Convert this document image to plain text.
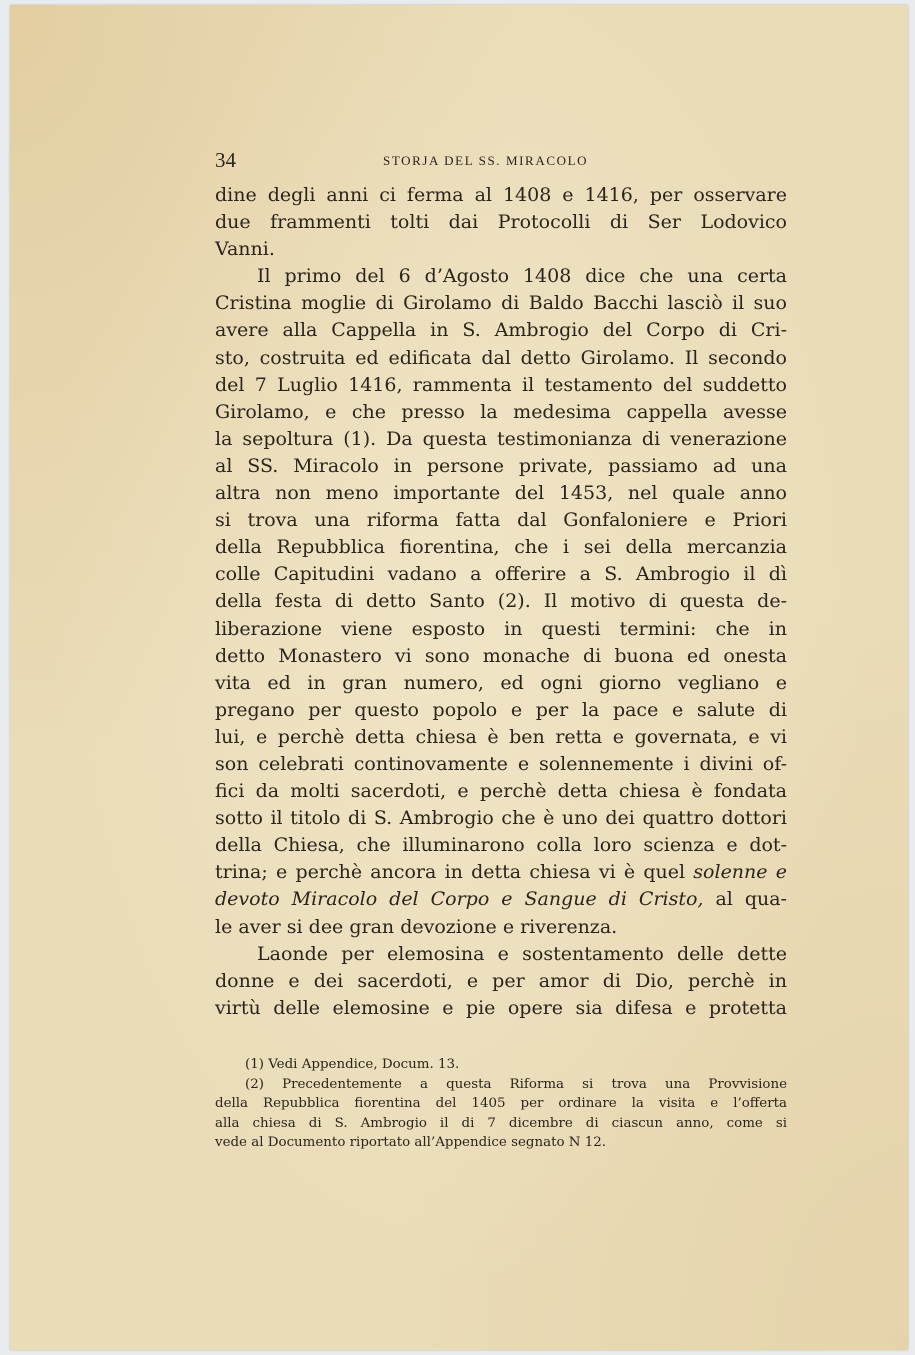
34	STORJA DEL SS. MIRACOLO
dine degli anni ci ferma al 1408 e 1416, per osservare
due frammenti tolti dai Protocolli di Ser Lodovico
Vanni.
Il primo del 6 d’Agosto 1408 dice che una certa
Cristina moglie di Girolamo di Baldo Bacchi lasciò il suo
avere alla Cappella in S. Ambrogio del Corpo di Cri-
sto, costruita ed edificata dal detto Girolamo. Il secondo
del 7 Luglio 1416, rammenta il testamento del suddetto
Girolamo, e che presso la medesima cappella avesse
la sepoltura (1). Da questa testimonianza di venerazione
al SS. Miracolo in persone private, passiamo ad una
altra non meno importante del 1453, nel quale anno
si trova una riforma fatta dal Gonfaloniere e Priori
della Repubblica fiorentina, che i sei della mercanzia
colle Capitudini vadano a offerire a S. Ambrogio il dì
della festa di detto Santo (2). Il motivo di questa de-
liberazione viene esposto in questi termini: che in
detto Monastero vi sono monache di buona ed onesta
vita ed in gran numero, ed ogni giorno vegliano e
pregano per questo popolo e per la pace e salute di
lui, e perchè detta chiesa è ben retta e governata, e vi
son celebrati continovamente e solennemente i divini of-
fici da molti sacerdoti, e perchè detta chiesa è fondata
sotto il titolo di S. Ambrogio che è uno dei quattro dottori
della Chiesa, che illuminarono colla loro scienza e dot-
trina; e perchè ancora in detta chiesa vi è quel solenne e
devoto Miracolo del Corpo e Sangue di Cristo, al qua-
le aver si dee gran devozione e riverenza.
Laonde per elemosina e sostentamento delle dette
donne e dei sacerdoti, e per amor di Dio, perchè in
virtù delle elemosine e pie opere sia difesa e protetta
(1) Vedi Appendice, Docum. 13.
(2) Precedentemente a questa Riforma si trova una Provvisione
della Repubblica fiorentina del 1405 per ordinare la visita e l’offerta
alla chiesa di S. Ambrogio il di 7 dicembre di ciascun anno, come si
vede al Documento riportato all’Appendice segnato N 12.
